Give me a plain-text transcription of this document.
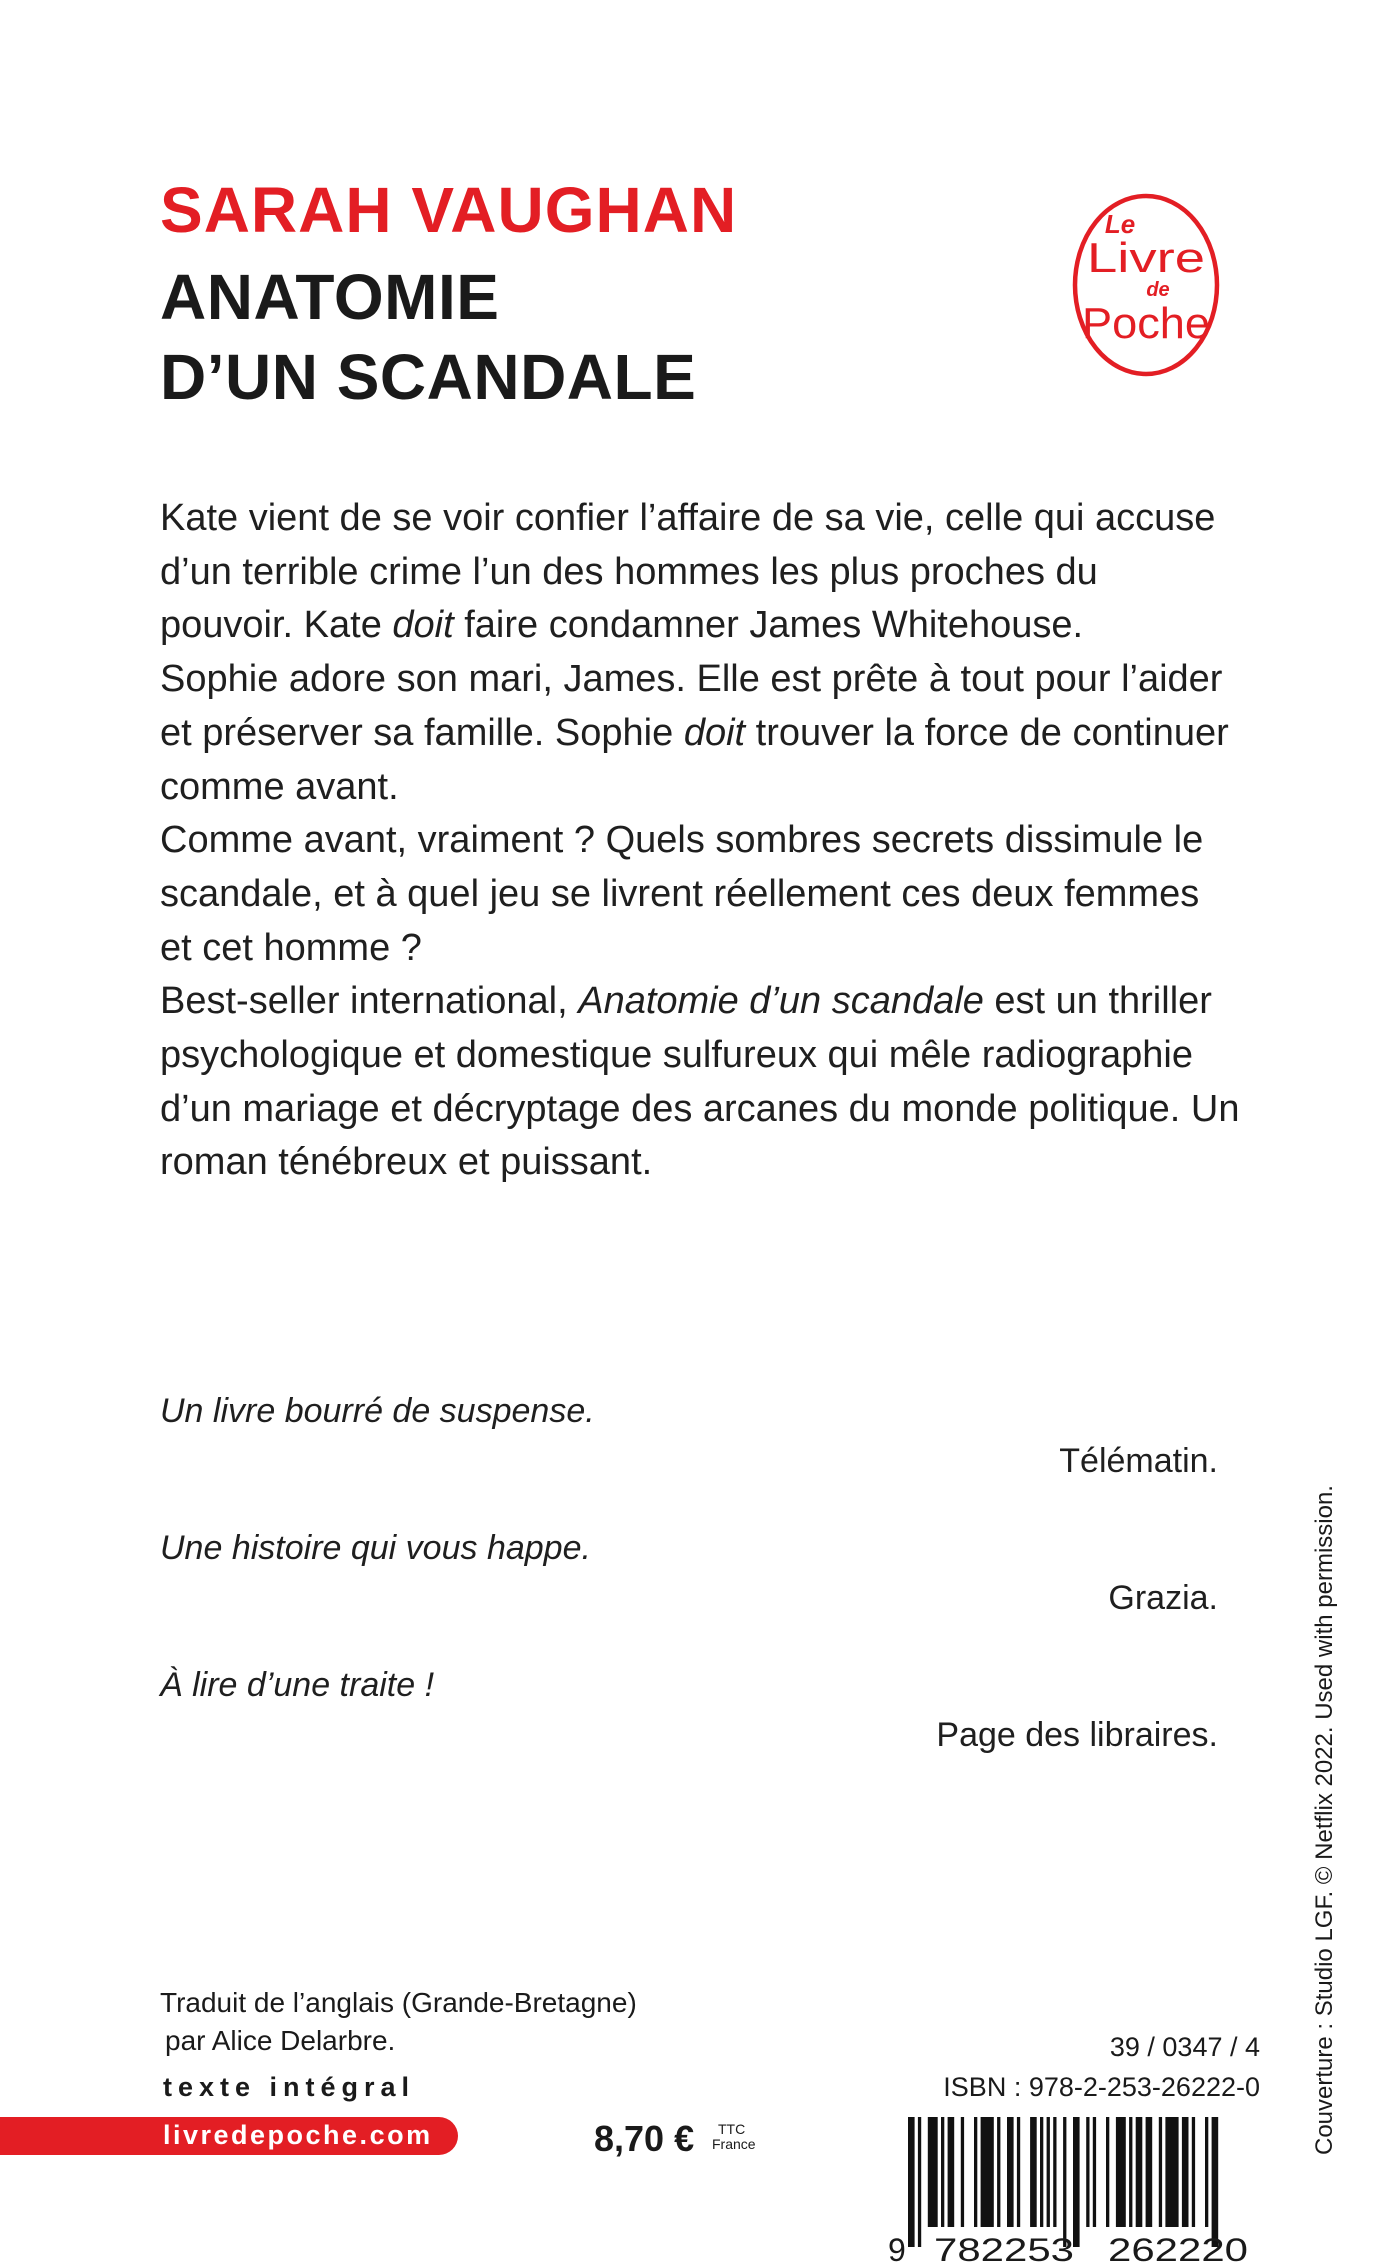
SARAH VAUGHAN
ANATOMIE
D’UN SCANDALE
Le
Livre
de
Poche

Kate vient de se voir confier l’affaire de sa vie, celle qui accuse d’un terrible crime l’un des hommes les plus proches du pouvoir. Kate doit faire condamner James Whitehouse.

Sophie adore son mari, James. Elle est prête à tout pour l’aider et préserver sa famille. Sophie doit trouver la force de continuer comme avant.

Comme avant, vraiment ? Quels sombres secrets dissimule le scandale, et à quel jeu se livrent réellement ces deux femmes et cet homme ?

Best-seller international, Anatomie d’un scandale est un thriller psychologique et domestique sulfureux qui mêle radiographie d’un mariage et décryptage des arcanes du monde politique. Un roman ténébreux et puissant.

Un livre bourré de suspense.
Télématin.
Une histoire qui vous happe.
Grazia.
À lire d’une traite !
Page des libraires.	Couverture : Studio LGF. © Netflix 2022. Used with permission.
Traduit de l’anglais (Grande-Bretagne)
par Alice Delarbre.
texte intégral
livredepoche.com	8,70 €	TTC
France
39 / 0347 / 4
ISBN : 978-2-253-26222-0
9 782253 262220
